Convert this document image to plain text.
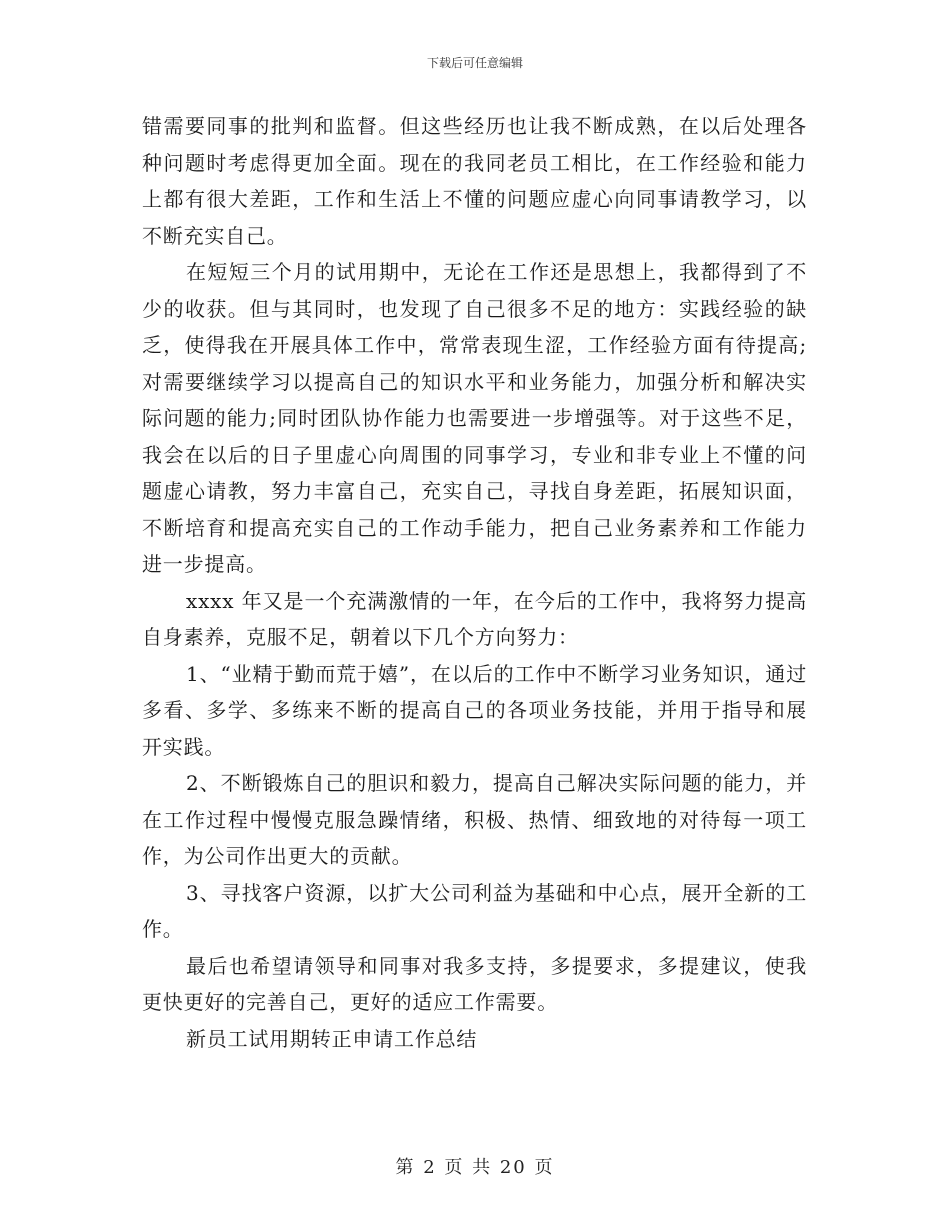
下载后可任意编辑

错需要同事的批判和监督。但这些经历也让我不断成熟，在以后处理各种问题时考虑得更加全面。现在的我同老员工相比，在工作经验和能力上都有很大差距，工作和生活上不懂的问题应虚心向同事请教学习，以不断充实自己。

在短短三个月的试用期中，无论在工作还是思想上，我都得到了不少的收获。但与其同时，也发现了自己很多不足的地方：实践经验的缺乏，使得我在开展具体工作中，常常表现生涩，工作经验方面有待提高;对需要继续学习以提高自己的知识水平和业务能力，加强分析和解决实际问题的能力;同时团队协作能力也需要进一步增强等。对于这些不足，我会在以后的日子里虚心向周围的同事学习，专业和非专业上不懂的问题虚心请教，努力丰富自己，充实自己，寻找自身差距，拓展知识面，不断培育和提高充实自己的工作动手能力，把自己业务素养和工作能力进一步提高。

xxxx 年又是一个充满激情的一年，在今后的工作中，我将努力提高自身素养，克服不足，朝着以下几个方向努力：

1、“业精于勤而荒于嬉”，在以后的工作中不断学习业务知识，通过多看、多学、多练来不断的提高自己的各项业务技能，并用于指导和展开实践。

2、不断锻炼自己的胆识和毅力，提高自己解决实际问题的能力，并在工作过程中慢慢克服急躁情绪，积极、热情、细致地的对待每一项工作，为公司作出更大的贡献。

3、寻找客户资源，以扩大公司利益为基础和中心点，展开全新的工作。

最后也希望请领导和同事对我多支持，多提要求，多提建议，使我更快更好的完善自己，更好的适应工作需要。

新员工试用期转正申请工作总结

第 2 页 共 20 页
